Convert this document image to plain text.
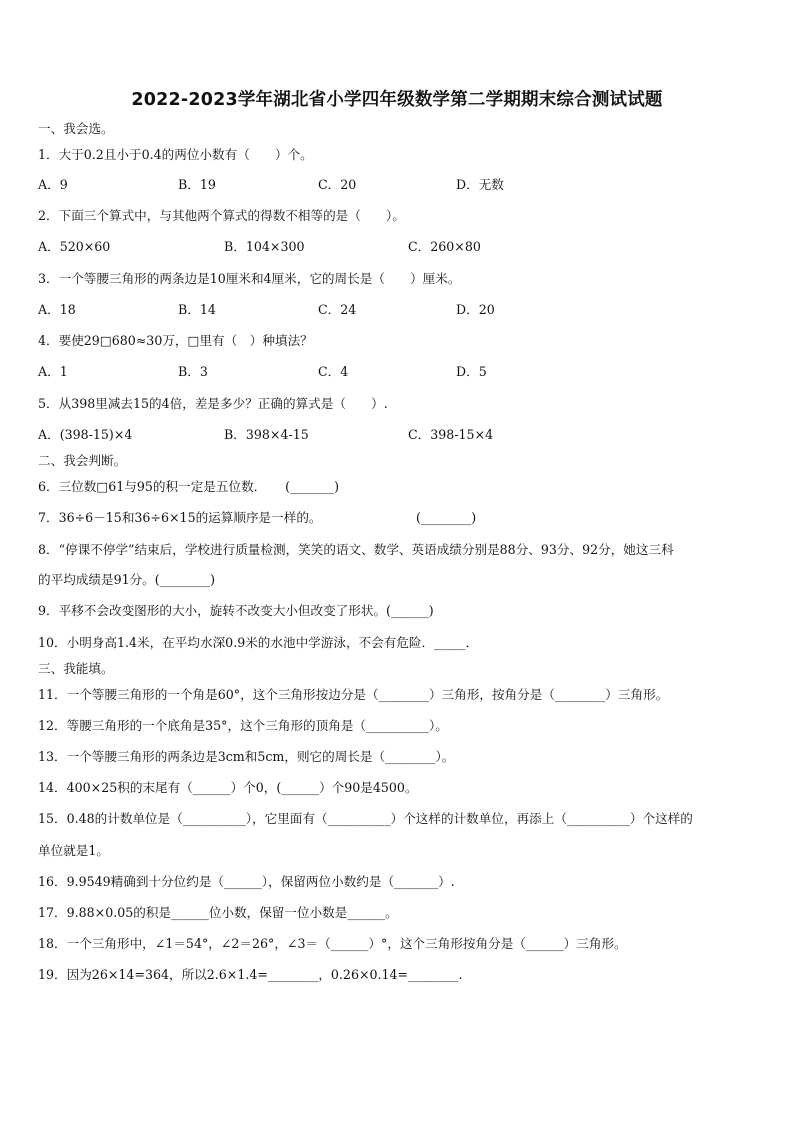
2022-2023学年湖北省小学四年级数学第二学期期末综合测试试题
一、我会选。
1．大于0.2且小于0.4的两位小数有（　　）个。
A．9	B．19	C．20	D．无数
2．下面三个算式中，与其他两个算式的得数不相等的是（　　）。
A．520×60	B．104×300	C．260×80
3．一个等腰三角形的两条边是10厘米和4厘米，它的周长是（　　）厘米。
A．18	B．14	C．24	D．20
4．要使29□680≈30万，□里有（　）种填法？
A．1	B．3	C．4	D．5
5．从398里减去15的4倍，差是多少？正确的算式是（　　）.
A．(398-15)×4	B．398×4-15	C．398-15×4
二、我会判断。
6．三位数□61与95的积一定是五位数．　　(_______)
7．36÷6－15和36÷6×15的运算顺序是一样的。　　　　　　　　(________)
8．“停课不停学”结束后，学校进行质量检测，笑笑的语文、数学、英语成绩分别是88分、93分、92分，她这三科
的平均成绩是91分。(________)
9．平移不会改变图形的大小，旋转不改变大小但改变了形状。(______)
10．小明身高1.4米，在平均水深0.9米的水池中学游泳，不会有危险．_____．
三、我能填。
11．一个等腰三角形的一个角是60°，这个三角形按边分是（________）三角形，按角分是（________）三角形。
12．等腰三角形的一个底角是35°，这个三角形的顶角是（__________）。
13．一个等腰三角形的两条边是3cm和5cm，则它的周长是（________）。
14．400×25积的末尾有（______）个0，(______）个90是4500。
15．0.48的计数单位是（__________），它里面有（__________）个这样的计数单位，再添上（__________）个这样的
单位就是1。
16．9.9549精确到十分位约是（______），保留两位小数约是（_______）.
17．9.88×0.05的积是______位小数，保留一位小数是______。
18．一个三角形中，∠1＝54°，∠2＝26°，∠3＝（______）°，这个三角形按角分是（______）三角形。
19．因为26×14=364，所以2.6×1.4=________，0.26×0.14=________.
